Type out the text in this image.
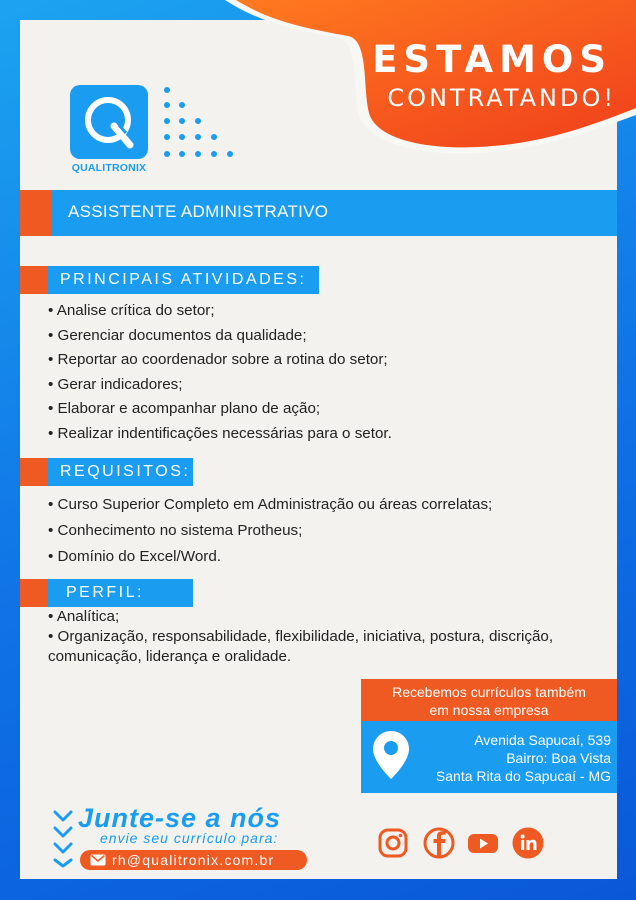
ESTAMOS
CONTRATANDO!
QUALITRONIX
ASSISTENTE ADMINISTRATIVO
PRINCIPAIS ATIVIDADES:
• Analise crítica do setor;
• Gerenciar documentos da qualidade;
• Reportar ao coordenador sobre a rotina do setor;
• Gerar indicadores;
• Elaborar e acompanhar plano de ação;
• Realizar indentificações necessárias para o setor.
REQUISITOS:
• Curso Superior Completo em Administração ou áreas correlatas;
• Conhecimento no sistema Protheus;
• Domínio do Excel/Word.
PERFIL:
• Analítica;
• Organização, responsabilidade, flexibilidade, iniciativa, postura, discrição, comunicação, liderança e oralidade.
Recebemos currículos também
em nossa empresa
Avenida Sapucaí, 539
Bairro: Boa Vista
Santa Rita do Sapucaí - MG
Junte-se a nós
envie seu currículo para:
rh@qualitronix.com.br
